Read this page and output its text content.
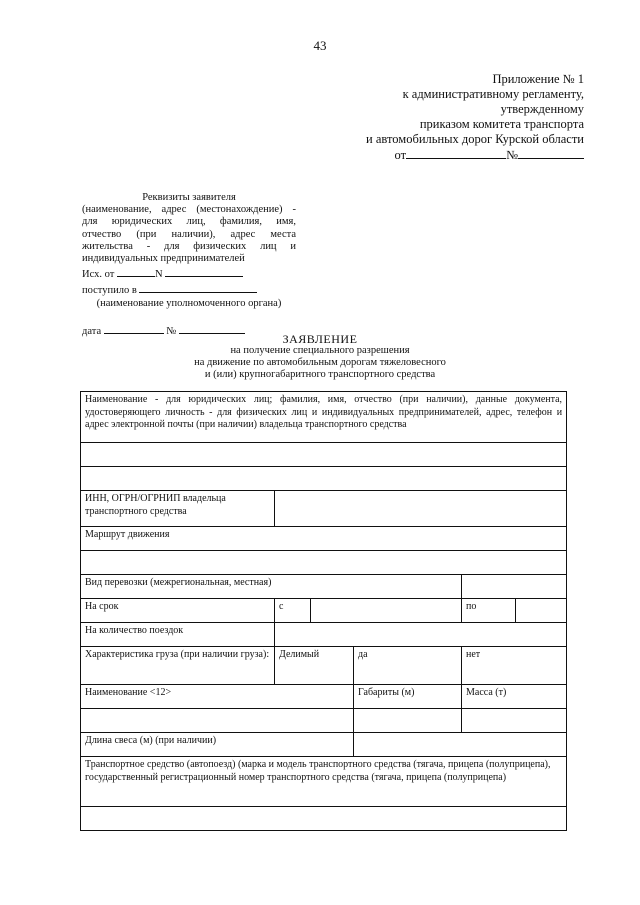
43
Приложение № 1
к административному регламенту,
утвержденному
приказом комитета транспорта
и автомобильных дорог Курской области
от	№
Реквизиты заявителя
(наименование, адрес (местонахождение) -
для юридических лиц, фамилия, имя,
отчество (при наличии), адрес места
жительства - для физических лиц и
индивидуальных предпринимателей
Исх. от	N
поступило в
(наименование уполномоченного органа)
дата	№
ЗАЯВЛЕНИЕ
на получение специального разрешения
на движение по автомобильным дорогам тяжеловесного
и (или) крупногабаритного транспортного средства
Наименование - для юридических лиц; фамилия, имя, отчество (при наличии), данные документа, удостоверяющего личность - для физических лиц и индивидуальных предпринимателей, адрес, телефон и адрес электронной почты (при наличии) владельца транспортного средства					

ИНН, ОГРН/ОГРНИП владельца транспортного средства					
Маршрут движения					

Вид перевозки (межрегиональная, местная)					
На срок	с			по	
На количество поездок					
Характеристика груза (при наличии груза):	Делимый		да	нет	
Наименование <12>			Габариты (м)	Масса (т)	

Длина свеса (м) (при наличии)					
Транспортное средство (автопоезд) (марка и модель транспортного средства (тягача, прицепа (полуприцепа), государственный регистрационный номер транспортного средства (тягача, прицепа (полуприцепа)					
